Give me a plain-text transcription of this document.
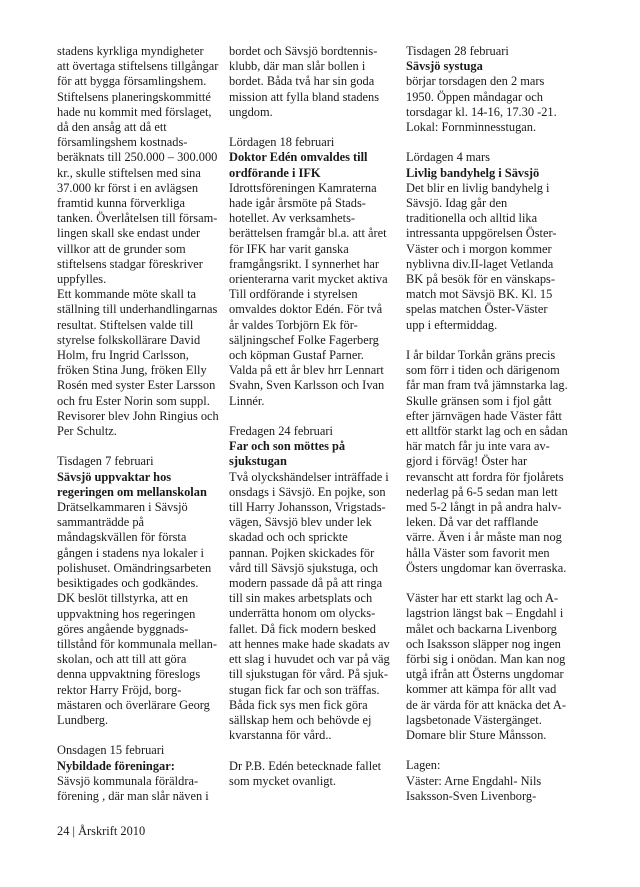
stadens kyrkliga myndigheter
att övertaga stiftelsens tillgångar
för att bygga församlingshem.
Stiftelsens planeringskommitté
hade nu kommit med förslaget,
då den ansåg att då ett
församlingshem kostnads-
beräknats till 250.000 – 300.000
kr., skulle stiftelsen med sina
37.000 kr först i en avlägsen
framtid kunna förverkliga
tanken. Överlåtelsen till försam-
lingen skall ske endast under
villkor att de grunder som
stiftelsens stadgar föreskriver
uppfylles.
Ett kommande möte skall ta
ställning till underhandlingarnas
resultat. Stiftelsen valde till
styrelse folkskollärare David
Holm, fru Ingrid Carlsson,
fröken Stina Jung, fröken Elly
Rosén med syster Ester Larsson
och fru Ester Norin som suppl.
Revisorer blev John Ringius och
Per Schultz.
Tisdagen 7 februari
Sävsjö uppvaktar hos
regeringen om mellanskolan
Drätselkammaren i Sävsjö
sammanträdde på
måndagskvällen för första
gången i stadens nya lokaler i
polishuset. Omändringsarbeten
besiktigades och godkändes.
DK beslöt tillstyrka, att en
uppvaktning hos regeringen
göres angående byggnads-
tillstånd för kommunala mellan-
skolan, och att till att göra
denna uppvaktning föreslogs
rektor Harry Fröjd, borg-
mästaren och överlärare Georg
Lundberg.
Onsdagen 15 februari
Nybildade föreningar:
Sävsjö kommunala föräldra-
förening , där man slår näven i
bordet och Sävsjö bordtennis-
klubb, där man slår bollen i
bordet. Båda två har sin goda
mission att fylla bland stadens
ungdom.
Lördagen 18 februari
Doktor Edén omvaldes till
ordförande i IFK
Idrottsföreningen Kamraterna
hade igår årsmöte på Stads-
hotellet. Av verksamhets-
berättelsen framgår bl.a. att året
för IFK har varit ganska
framgångsrikt. I synnerhet har
orienterarna varit mycket aktiva
Till ordförande i styrelsen
omvaldes doktor Edén. För två
år valdes Torbjörn Ek för-
säljningschef Folke Fagerberg
och köpman Gustaf Parner.
Valda på ett år blev hrr Lennart
Svahn, Sven Karlsson och Ivan
Linnér.
Fredagen 24 februari
Far och son möttes på
sjukstugan
Två olyckshändelser inträffade i
onsdags i Sävsjö. En pojke, son
till Harry Johansson, Vrigstads-
vägen, Sävsjö blev under lek
skadad och och sprickte
pannan. Pojken skickades för
vård till Sävsjö sjukstuga, och
modern passade då på att ringa
till sin makes arbetsplats och
underrätta honom om olycks-
fallet. Då fick modern besked
att hennes make hade skadats av
ett slag i huvudet och var på väg
till sjukstugan för vård. På sjuk-
stugan fick far och son träffas.
Båda fick sys men fick göra
sällskap hem och behövde ej
kvarstanna för vård..
Dr P.B. Edén betecknade fallet
som mycket ovanligt.
Tisdagen 28 februari
Sävsjö systuga
börjar torsdagen den 2 mars
1950. Öppen måndagar och
torsdagar kl. 14-16, 17.30 -21.
Lokal: Fornminnesstugan.
Lördagen 4 mars
Livlig bandyhelg i Sävsjö
Det blir en livlig bandyhelg i
Sävsjö. Idag går den
traditionella och alltid lika
intressanta uppgörelsen Öster-
Väster och i morgon kommer
nyblivna div.II-laget Vetlanda
BK på besök för en vänskaps-
match mot Sävsjö BK. Kl. 15
spelas matchen Öster-Väster
upp i eftermiddag.
I år bildar Torkån gräns precis
som förr i tiden och därigenom
får man fram två jämnstarka lag.
Skulle gränsen som i fjol gått
efter järnvägen hade Väster fått
ett alltför starkt lag och en sådan
här match får ju inte vara av-
gjord i förväg! Öster har
revanscht att fordra för fjolårets
nederlag på 6-5 sedan man lett
med 5-2 långt in på andra halv-
leken. Då var det rafflande
värre. Även i år måste man nog
hålla Väster som favorit men
Östers ungdomar kan överraska.
Väster har ett starkt lag och A-
lagstrion längst bak – Engdahl i
målet och backarna Livenborg
och Isaksson släpper nog ingen
förbi sig i onödan. Man kan nog
utgå ifrån att Österns ungdomar
kommer att kämpa för allt vad
de är värda för att knäcka det A-
lagsbetonade Västergänget.
Domare blir Sture Månsson.
Lagen:
Väster: Arne Engdahl- Nils
Isaksson-Sven Livenborg-
24 | Årskrift 2010
